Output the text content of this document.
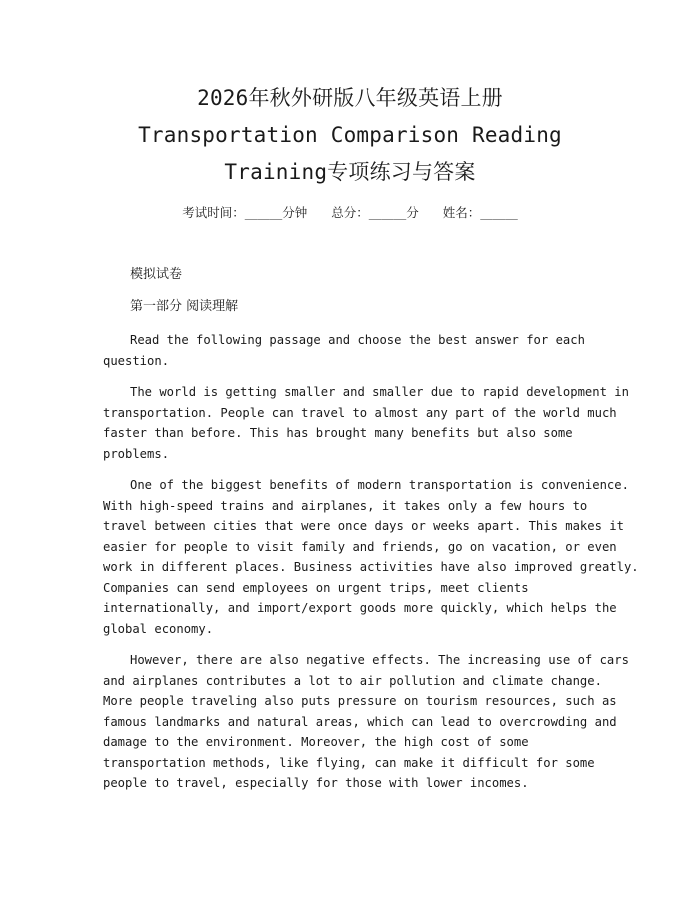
2026年秋外研版八年级英语上册
Transportation Comparison Reading
Training专项练习与答案
考试时间：______分钟 总分：______分 姓名：______
模拟试卷
第一部分 阅读理解
Read the following passage and choose the best answer for each
question.
The world is getting smaller and smaller due to rapid development in
transportation. People can travel to almost any part of the world much
faster than before. This has brought many benefits but also some
problems.
One of the biggest benefits of modern transportation is convenience.
With high-speed trains and airplanes, it takes only a few hours to
travel between cities that were once days or weeks apart. This makes it
easier for people to visit family and friends, go on vacation, or even
work in different places. Business activities have also improved greatly.
Companies can send employees on urgent trips, meet clients
internationally, and import/export goods more quickly, which helps the
global economy.
However, there are also negative effects. The increasing use of cars
and airplanes contributes a lot to air pollution and climate change.
More people traveling also puts pressure on tourism resources, such as
famous landmarks and natural areas, which can lead to overcrowding and
damage to the environment. Moreover, the high cost of some
transportation methods, like flying, can make it difficult for some
people to travel, especially for those with lower incomes.
